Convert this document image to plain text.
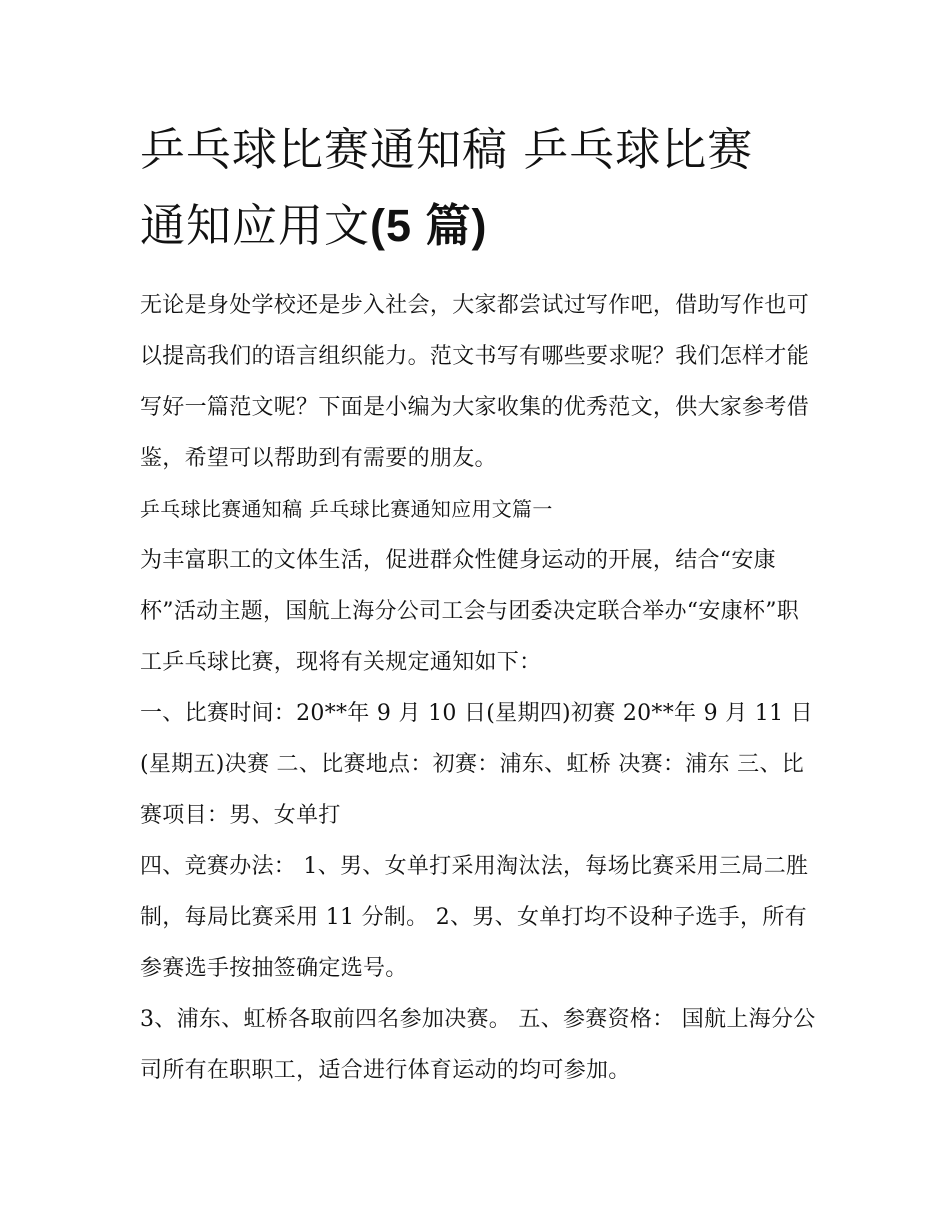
乒乓球比赛通知稿 乒乓球比赛
通知应用文(5 篇)

无论是身处学校还是步入社会，大家都尝试过写作吧，借助写作也可以提高我们的语言组织能力。范文书写有哪些要求呢？我们怎样才能写好一篇范文呢？下面是小编为大家收集的优秀范文，供大家参考借鉴，希望可以帮助到有需要的朋友。

乒乓球比赛通知稿 乒乓球比赛通知应用文篇一

为丰富职工的文体生活，促进群众性健身运动的开展，结合“安康杯”活动主题，国航上海分公司工会与团委决定联合举办“安康杯”职工乒乓球比赛，现将有关规定通知如下：

一、比赛时间：20**年 9 月 10 日(星期四)初赛 20**年 9 月 11 日(星期五)决赛 二、比赛地点：初赛：浦东、虹桥 决赛：浦东 三、比赛项目：男、女单打

四、竞赛办法： 1、男、女单打采用淘汰法，每场比赛采用三局二胜制，每局比赛采用 11 分制。 2、男、女单打均不设种子选手，所有参赛选手按抽签确定选号。

3、浦东、虹桥各取前四名参加决赛。 五、参赛资格： 国航上海分公司所有在职职工，适合进行体育运动的均可参加。
